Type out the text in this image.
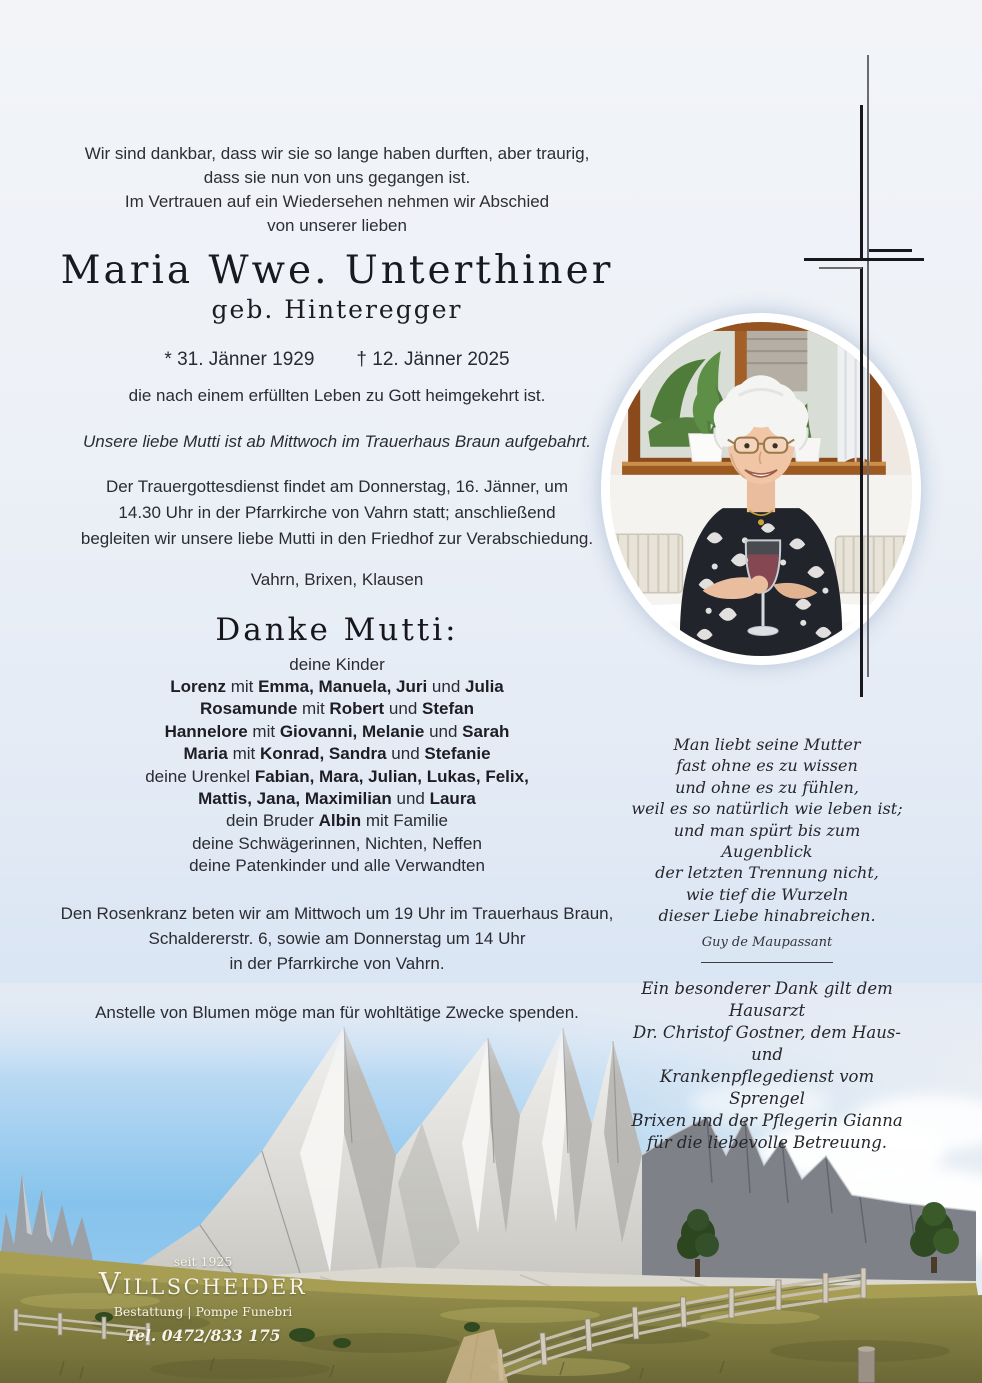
Wir sind dankbar, dass wir sie so lange haben durften, aber traurig,
dass sie nun von uns gegangen ist.
Im Vertrauen auf ein Wiedersehen nehmen wir Abschied
von unserer lieben
Maria Wwe. Unterthiner
geb. Hinteregger
* 31. Jänner 1929 † 12. Jänner 2025
die nach einem erfüllten Leben zu Gott heimgekehrt ist.
Unsere liebe Mutti ist ab Mittwoch im Trauerhaus Braun aufgebahrt.
Der Trauergottesdienst findet am Donnerstag, 16. Jänner, um
14.30 Uhr in der Pfarrkirche von Vahrn statt; anschließend
begleiten wir unsere liebe Mutti in den Friedhof zur Verabschiedung.
Vahrn, Brixen, Klausen
Danke Mutti:
deine Kinder
Lorenz mit Emma, Manuela, Juri und Julia
Rosamunde mit Robert und Stefan
Hannelore mit Giovanni, Melanie und Sarah
Maria mit Konrad, Sandra und Stefanie
deine Urenkel Fabian, Mara, Julian, Lukas, Felix,
Mattis, Jana, Maximilian und Laura
dein Bruder Albin mit Familie
deine Schwägerinnen, Nichten, Neffen
deine Patenkinder und alle Verwandten
Den Rosenkranz beten wir am Mittwoch um 19 Uhr im Trauerhaus Braun,
Schaldererstr. 6, sowie am Donnerstag um 14 Uhr
in der Pfarrkirche von Vahrn.
Anstelle von Blumen möge man für wohltätige Zwecke spenden.
Man liebt seine Mutter
fast ohne es zu wissen
und ohne es zu fühlen,
weil es so natürlich wie leben ist;
und man spürt bis zum Augenblick
der letzten Trennung nicht,
wie tief die Wurzeln
dieser Liebe hinabreichen.
Guy de Maupassant
Ein besonderer Dank gilt dem Hausarzt
Dr. Christof Gostner, dem Haus- und
Krankenpflegedienst vom Sprengel
Brixen und der Pflegerin Gianna
für die liebevolle Betreuung.
seit 1925
Villscheider
Bestattung | Pompe Funebri
Tel. 0472/833 175
